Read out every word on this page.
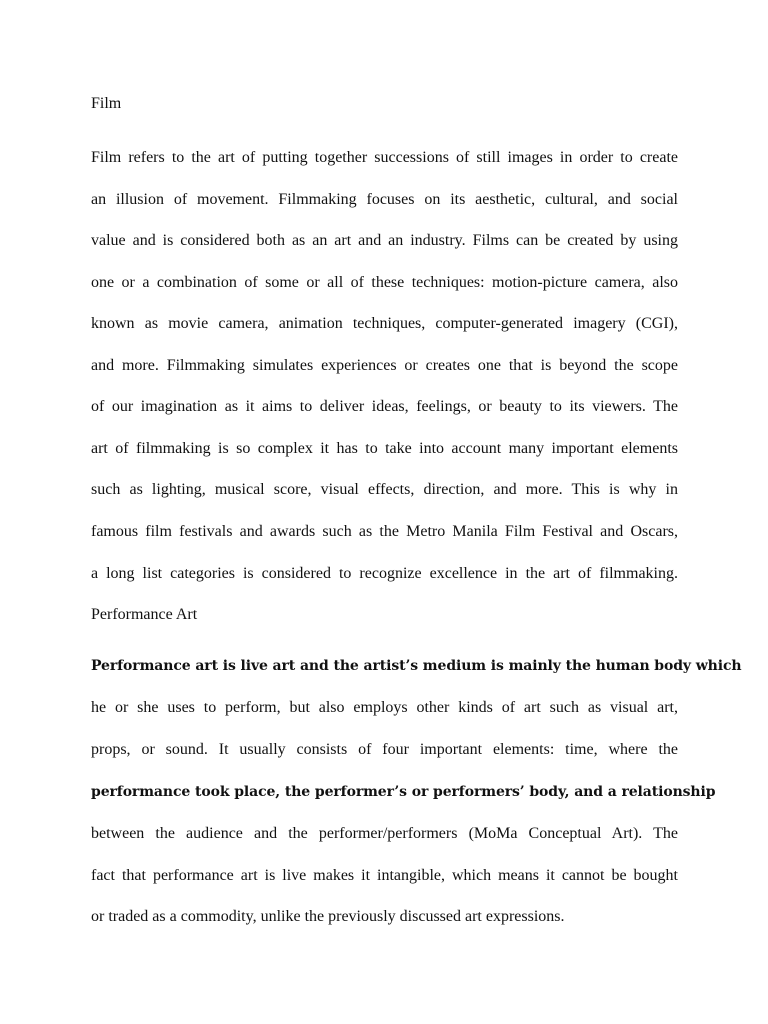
Film
Film refers to the art of putting together successions of still images in order to create
an illusion of movement. Filmmaking focuses on its aesthetic, cultural, and social
value and is considered both as an art and an industry. Films can be created by using
one or a combination of some or all of these techniques: motion-picture camera, also
known as movie camera, animation techniques, computer-generated imagery (CGI),
and more. Filmmaking simulates experiences or creates one that is beyond the scope
of our imagination as it aims to deliver ideas, feelings, or beauty to its viewers. The
art of filmmaking is so complex it has to take into account many important elements
such as lighting, musical score, visual effects, direction, and more. This is why in
famous film festivals and awards such as the Metro Manila Film Festival and Oscars,
a long list categories is considered to recognize excellence in the art of filmmaking.
Performance Art
Performance art is live art and the artist’s medium is mainly the human body which
he or she uses to perform, but also employs other kinds of art such as visual art,
props, or sound. It usually consists of four important elements: time, where the
performance took place, the performer’s or performers’ body, and a relationship
between the audience and the performer/performers (MoMa Conceptual Art). The
fact that performance art is live makes it intangible, which means it cannot be bought
or traded as a commodity, unlike the previously discussed art expressions.
